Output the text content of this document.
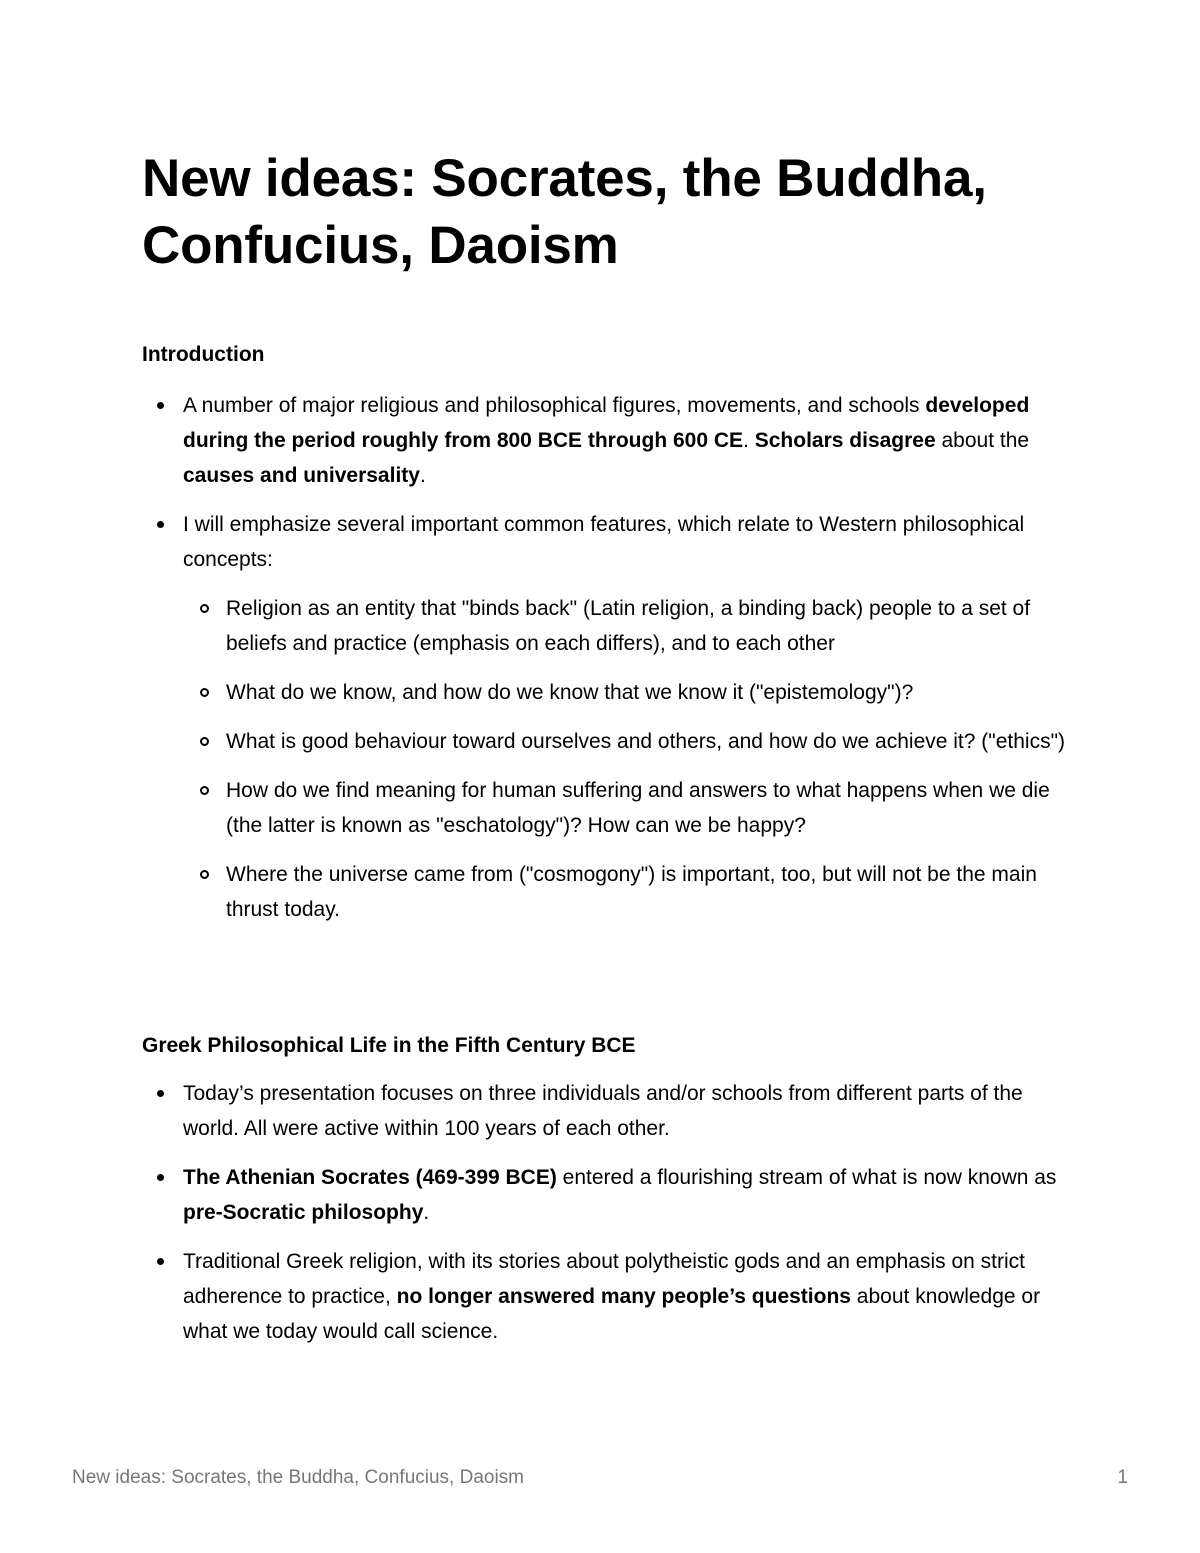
New ideas: Socrates, the Buddha, Confucius, Daoism
Introduction
A number of major religious and philosophical figures, movements, and schools developed during the period roughly from 800 BCE through 600 CE. Scholars disagree about the causes and universality.
I will emphasize several important common features, which relate to Western philosophical concepts:
Religion as an entity that "binds back" (Latin religion, a binding back) people to a set of beliefs and practice (emphasis on each differs), and to each other
What do we know, and how do we know that we know it ("epistemology")?
What is good behaviour toward ourselves and others, and how do we achieve it? ("ethics")
How do we find meaning for human suffering and answers to what happens when we die (the latter is known as "eschatology")? How can we be happy?
Where the universe came from ("cosmogony") is important, too, but will not be the main thrust today.
Greek Philosophical Life in the Fifth Century BCE
Today’s presentation focuses on three individuals and/or schools from different parts of the world. All were active within 100 years of each other.
The Athenian Socrates (469-399 BCE) entered a flourishing stream of what is now known as pre-Socratic philosophy.
Traditional Greek religion, with its stories about polytheistic gods and an emphasis on strict adherence to practice, no longer answered many people’s questions about knowledge or what we today would call science.
New ideas: Socrates, the Buddha, Confucius, Daoism	1
